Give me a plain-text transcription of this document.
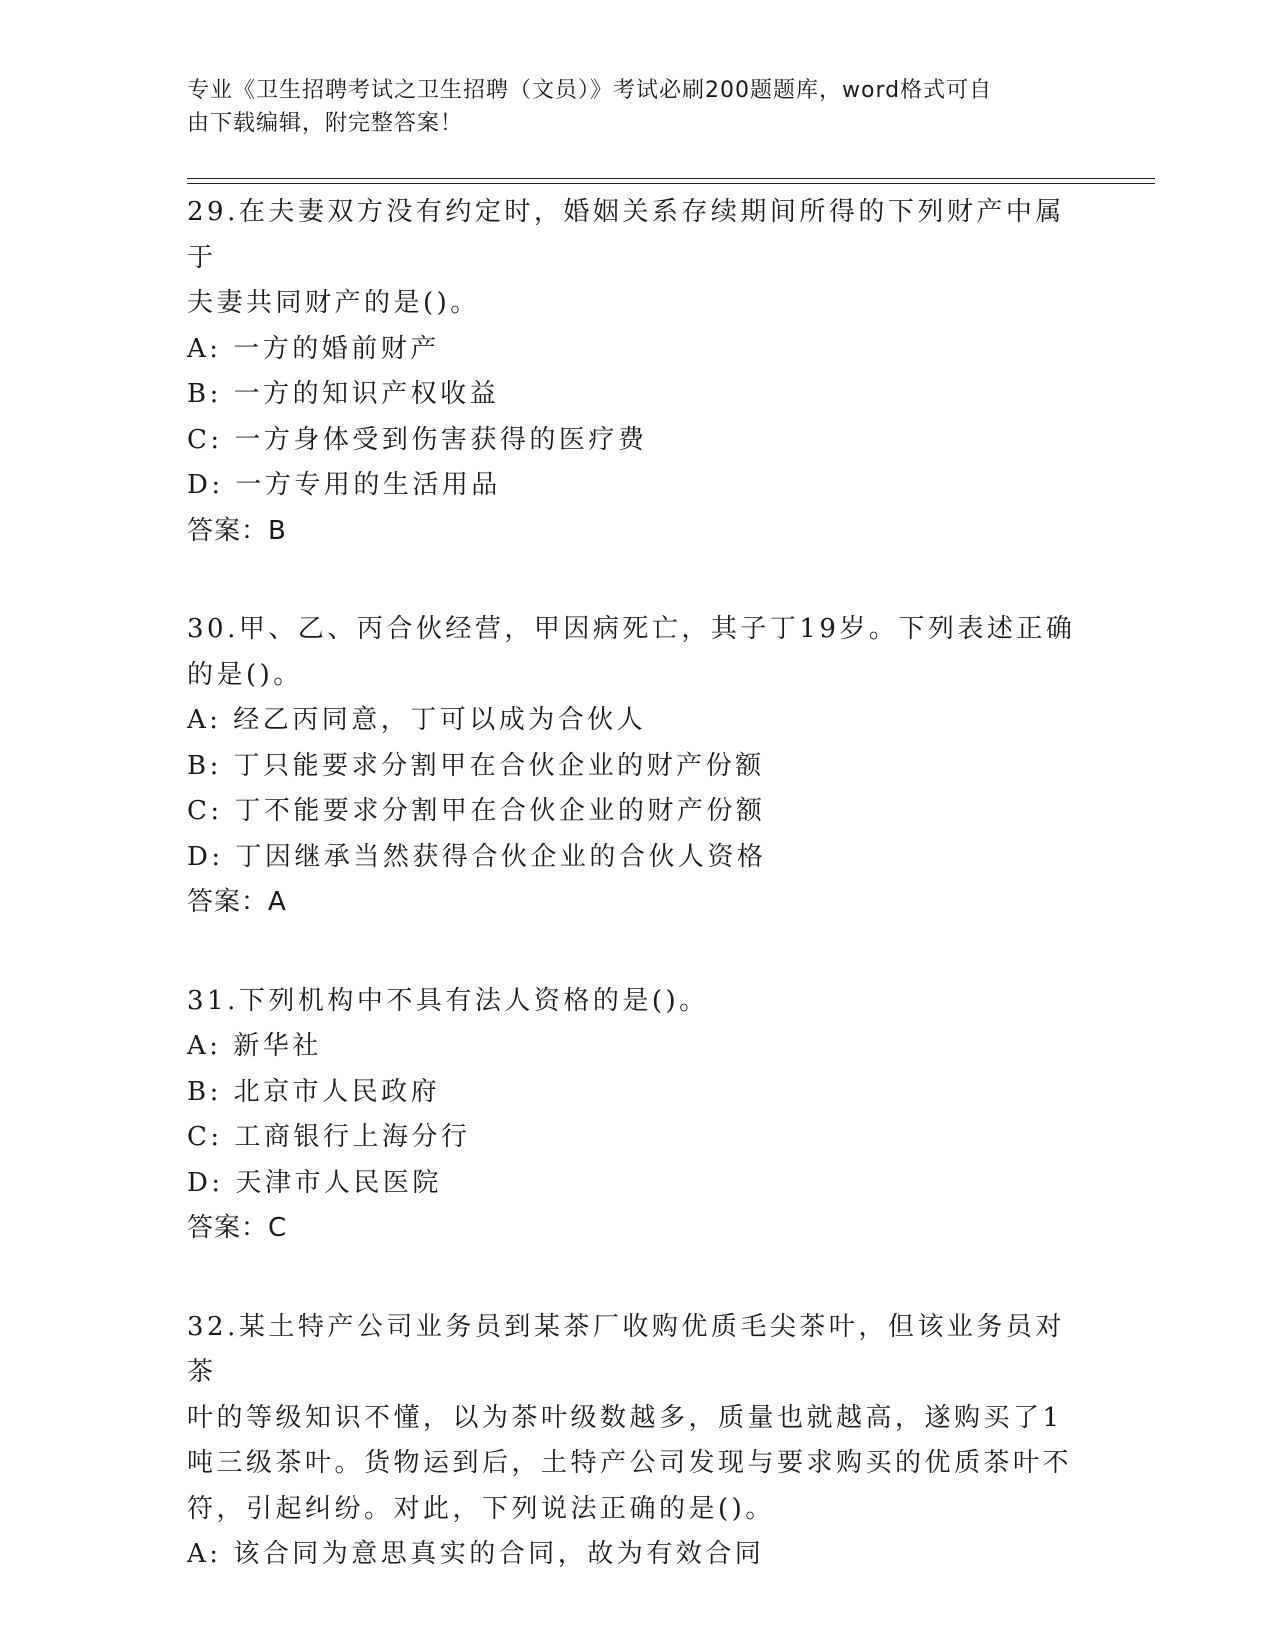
专业《卫生招聘考试之卫生招聘（文员）》考试必刷200题题库，word格式可自
由下载编辑，附完整答案！

29.在夫妻双方没有约定时，婚姻关系存续期间所得的下列财产中属于

夫妻共同财产的是()。

A: 一方的婚前财产

B: 一方的知识产权收益

C: 一方身体受到伤害获得的医疗费

D: 一方专用的生活用品

答案：B

30.甲、乙、丙合伙经营，甲因病死亡，其子丁19岁。下列表述正确

的是()。

A: 经乙丙同意，丁可以成为合伙人

B: 丁只能要求分割甲在合伙企业的财产份额

C: 丁不能要求分割甲在合伙企业的财产份额

D: 丁因继承当然获得合伙企业的合伙人资格

答案：A

31.下列机构中不具有法人资格的是()。

A: 新华社

B: 北京市人民政府

C: 工商银行上海分行

D: 天津市人民医院

答案：C

32.某土特产公司业务员到某茶厂收购优质毛尖茶叶，但该业务员对茶

叶的等级知识不懂，以为茶叶级数越多，质量也就越高，遂购买了1

吨三级茶叶。货物运到后，土特产公司发现与要求购买的优质茶叶不

符，引起纠纷。对此，下列说法正确的是()。

A: 该合同为意思真实的合同，故为有效合同
